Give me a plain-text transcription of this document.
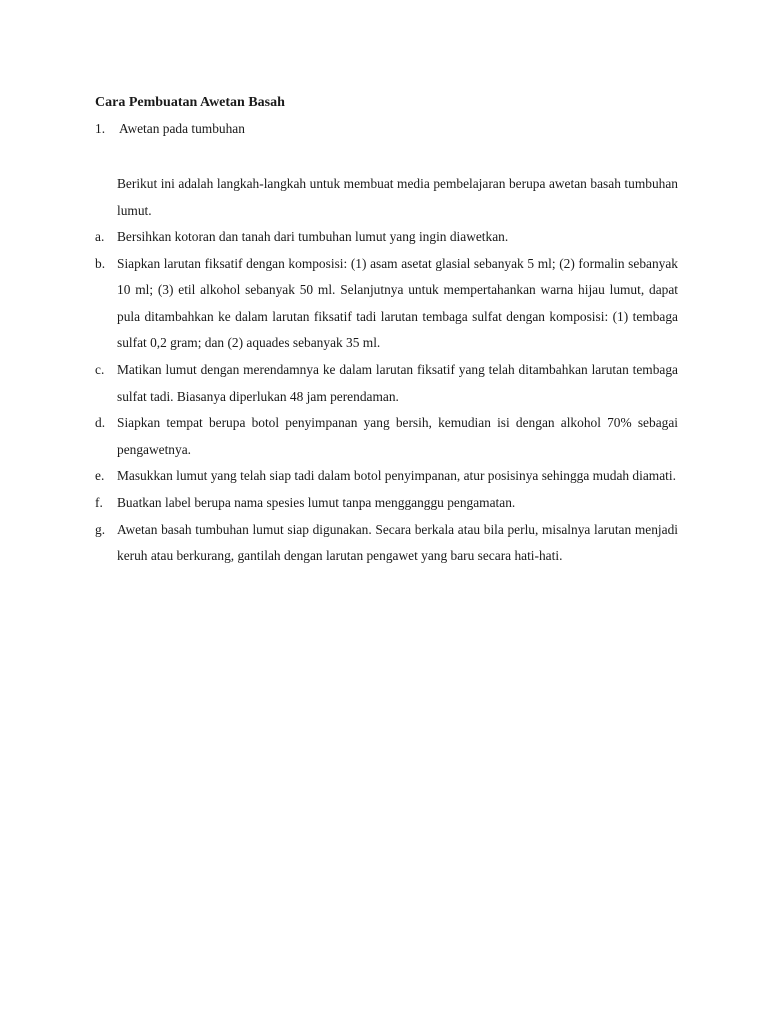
Cara Pembuatan Awetan Basah

1. Awetan pada tumbuhan

Berikut ini adalah langkah-langkah untuk membuat media pembelajaran berupa awetan basah tumbuhan lumut.

a. Bersihkan kotoran dan tanah dari tumbuhan lumut yang ingin diawetkan.
b. Siapkan larutan fiksatif dengan komposisi: (1) asam asetat glasial sebanyak 5 ml; (2) formalin sebanyak 10 ml; (3) etil alkohol sebanyak 50 ml. Selanjutnya untuk mempertahankan warna hijau lumut, dapat pula ditambahkan ke dalam larutan fiksatif tadi larutan tembaga sulfat dengan komposisi: (1) tembaga sulfat 0,2 gram; dan (2) aquades sebanyak 35 ml.
c. Matikan lumut dengan merendamnya ke dalam larutan fiksatif yang telah ditambahkan larutan tembaga sulfat tadi. Biasanya diperlukan 48 jam perendaman.
d. Siapkan tempat berupa botol penyimpanan yang bersih, kemudian isi dengan alkohol 70% sebagai pengawetnya.
e. Masukkan lumut yang telah siap tadi dalam botol penyimpanan, atur posisinya sehingga mudah diamati.
f. Buatkan label berupa nama spesies lumut tanpa mengganggu pengamatan.
g. Awetan basah tumbuhan lumut siap digunakan. Secara berkala atau bila perlu, misalnya larutan menjadi keruh atau berkurang, gantilah dengan larutan pengawet yang baru secara hati-hati.
